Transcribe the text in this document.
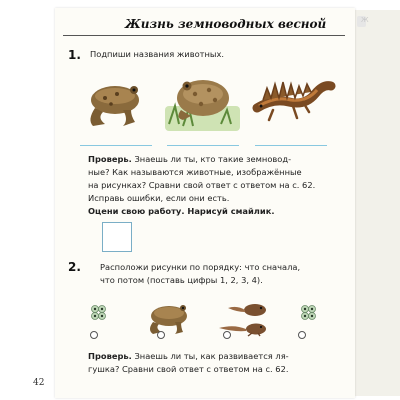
Ж
Жизнь земноводных весной
1. Подпиши названия животных.
Проверь. Знаешь ли ты, кто такие земновод-
ные? Как называются животные, изображённые
на рисунках? Сравни свой ответ с ответом на с. 62.
Исправь ошибки, если они есть.
Оцени свою работу. Нарисуй смайлик.
2. Расположи рисунки по порядку: что сначала,
что потом (поставь цифры 1, 2, 3, 4).
Проверь. Знаешь ли ты, как развивается ля-
гушка? Сравни свой ответ с ответом на с. 62.
42
